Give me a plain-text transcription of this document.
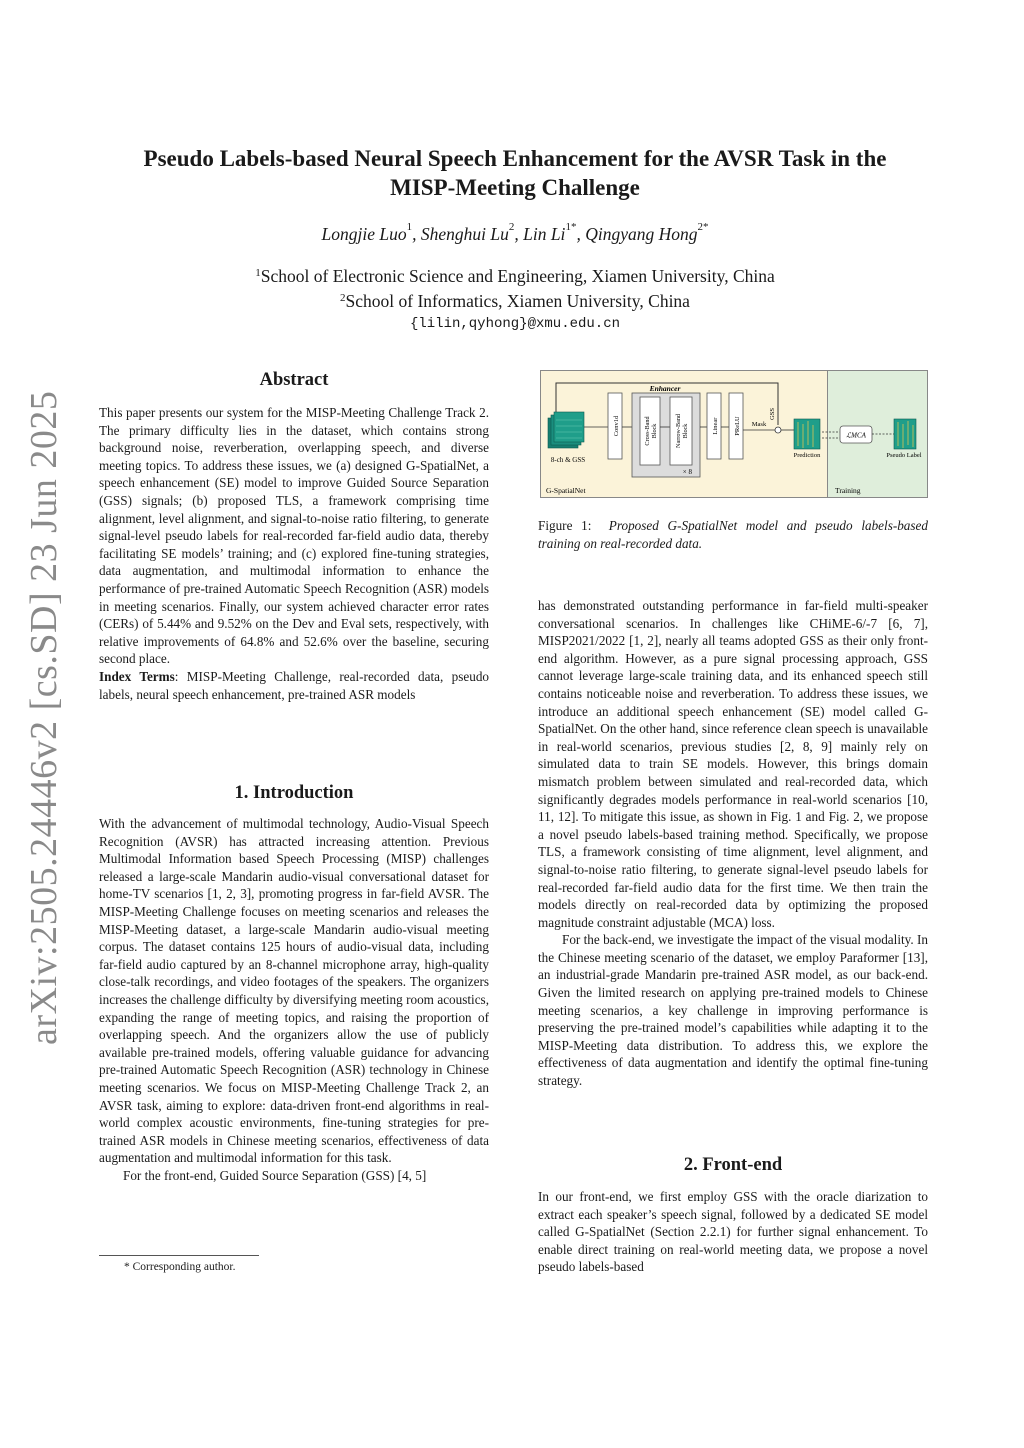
arXiv:2505.24446v2 [cs.SD] 23 Jun 2025
Pseudo Labels-based Neural Speech Enhancement for the AVSR Task in the
MISP-Meeting Challenge
Longjie Luo$^1$, Shenghui Lu$^2$, Lin $Li^{1*}$, Qingyang Hong$^{2*}$
$^1$School of Electronic Science and Engineering, Xiamen University, China
$^2$School of Informatics, Xiamen University, China
{lilin,qyhong}@xmu.edu.cn
Abstract

This paper presents our system for the MISP-Meeting Challenge Track 2. The primary difficulty lies in the dataset, which contains strong background noise, reverberation, overlapping speech, and diverse meeting topics. To address these issues, we (a) designed G-SpatialNet, a speech enhancement (SE) model to improve Guided Source Separation (GSS) signals; (b) proposed TLS, a framework comprising time alignment, level alignment, and signal-to-noise ratio filtering, to generate signal-level pseudo labels for real-recorded far-field audio data, thereby facilitating SE models’ training; and (c) explored fine-tuning strategies, data augmentation, and multimodal information to enhance the performance of pre-trained Automatic Speech Recognition (ASR) models in meeting scenarios. Finally, our system achieved character error rates (CERs) of 5.44% and 9.52% on the Dev and Eval sets, respectively, with relative improvements of 64.8% and 52.6% over the baseline, securing second place.

Index Terms: MISP-Meeting Challenge, real-recorded data, pseudo labels, neural speech enhancement, pre-trained ASR models

1. Introduction

With the advancement of multimodal technology, Audio-Visual Speech Recognition (AVSR) has attracted increasing attention. Previous Multimodal Information based Speech Processing (MISP) challenges released a large-scale Mandarin audio-visual conversational dataset for home-TV scenarios [1, 2, 3], promoting progress in far-field AVSR. The MISP-Meeting Challenge focuses on meeting scenarios and releases the MISP-Meeting dataset, a large-scale Mandarin audio-visual meeting corpus. The dataset contains 125 hours of audio-visual data, including far-field audio captured by an 8-channel microphone array, high-quality close-talk recordings, and video footages of the speakers. The organizers increases the challenge difficulty by diversifying meeting room acoustics, expanding the range of meeting topics, and raising the proportion of overlapping speech. And the organizers allow the use of publicly available pre-trained models, offering valuable guidance for advancing pre-trained Automatic Speech Recognition (ASR) technology in Chinese meeting scenarios. We focus on MISP-Meeting Challenge Track 2, an AVSR task, aiming to explore: data-driven front-end algorithms in real-world complex acoustic environments, fine-tuning strategies for pre-trained ASR models in Chinese meeting scenarios, effectiveness of data augmentation and multimodal information for this task.

For the front-end, Guided Source Separation (GSS) [4, 5]

* Corresponding author.
Enhancer
8-ch & GSS
Conv1d	Cross-Band Block	Narrow-Band Block
× 8
Linear PReLU Mask
GSS
Prediction
ℒMCA
Pseudo Label
G-SpatialNet	Training
Figure 1: Proposed G-SpatialNet model and pseudo labels-based training on real-recorded data.

has demonstrated outstanding performance in far-field multi-speaker conversational scenarios. In challenges like CHiME-6/-7 [6, 7], MISP2021/2022 [1, 2], nearly all teams adopted GSS as their only front-end algorithm. However, as a pure signal processing approach, GSS cannot leverage large-scale training data, and its enhanced speech still contains noticeable noise and reverberation. To address these issues, we introduce an additional speech enhancement (SE) model called G-SpatialNet. On the other hand, since reference clean speech is unavailable in real-world scenarios, previous studies [2, 8, 9] mainly rely on simulated data to train SE models. However, this brings domain mismatch problem between simulated and real-recorded data, which significantly degrades models performance in real-world scenarios [10, 11, 12]. To mitigate this issue, as shown in Fig. 1 and Fig. 2, we propose a novel pseudo labels-based training method. Specifically, we propose TLS, a framework consisting of time alignment, level alignment, and signal-to-noise ratio filtering, to generate signal-level pseudo labels for real-recorded far-field audio data for the first time. We then train the models directly on real-recorded data by optimizing the proposed magnitude constraint adjustable (MCA) loss.

For the back-end, we investigate the impact of the visual modality. In the Chinese meeting scenario of the dataset, we employ Paraformer [13], an industrial-grade Mandarin pre-trained ASR model, as our back-end. Given the limited research on applying pre-trained models to Chinese meeting scenarios, a key challenge in improving performance is preserving the pre-trained model’s capabilities while adapting it to the MISP-Meeting data distribution. To address this, we explore the effectiveness of data augmentation and identify the optimal fine-tuning strategy.

2. Front-end

In our front-end, we first employ GSS with the oracle diarization to extract each speaker’s speech signal, followed by a dedicated SE model called G-SpatialNet (Section 2.2.1) for further signal enhancement. To enable direct training on real-world meeting data, we propose a novel pseudo labels-based
